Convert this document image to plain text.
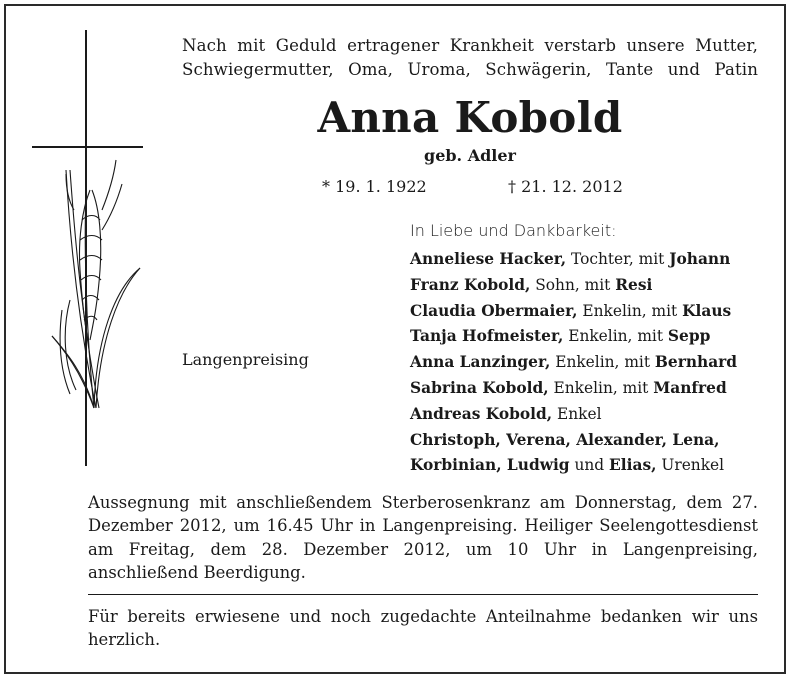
Nach mit Geduld ertragener Krankheit verstarb unsere Mutter,
Schwiegermutter, Oma, Uroma, Schwägerin, Tante und Patin
Anna Kobold
geb. Adler
* 19. 1. 1922	† 21. 12. 2012
In Liebe und Dankbarkeit:
Langenpreising
Anneliese Hacker, Tochter, mit Johann
Franz Kobold, Sohn, mit Resi
Claudia Obermaier, Enkelin, mit Klaus
Tanja Hofmeister, Enkelin, mit Sepp
Anna Lanzinger, Enkelin, mit Bernhard
Sabrina Kobold, Enkelin, mit Manfred
Andreas Kobold, Enkel
Christoph, Verena, Alexander, Lena,
Korbinian, Ludwig und Elias, Urenkel
Aussegnung mit anschließendem Sterberosenkranz am Donnerstag, dem 27. Dezember 2012, um 16.45 Uhr in Langenpreising. Heiliger Seelengottesdienst am Freitag, dem 28. Dezember 2012, um 10 Uhr in Langenpreising, anschließend Beerdigung.
Für bereits erwiesene und noch zugedachte Anteilnahme bedanken wir uns herzlich.
